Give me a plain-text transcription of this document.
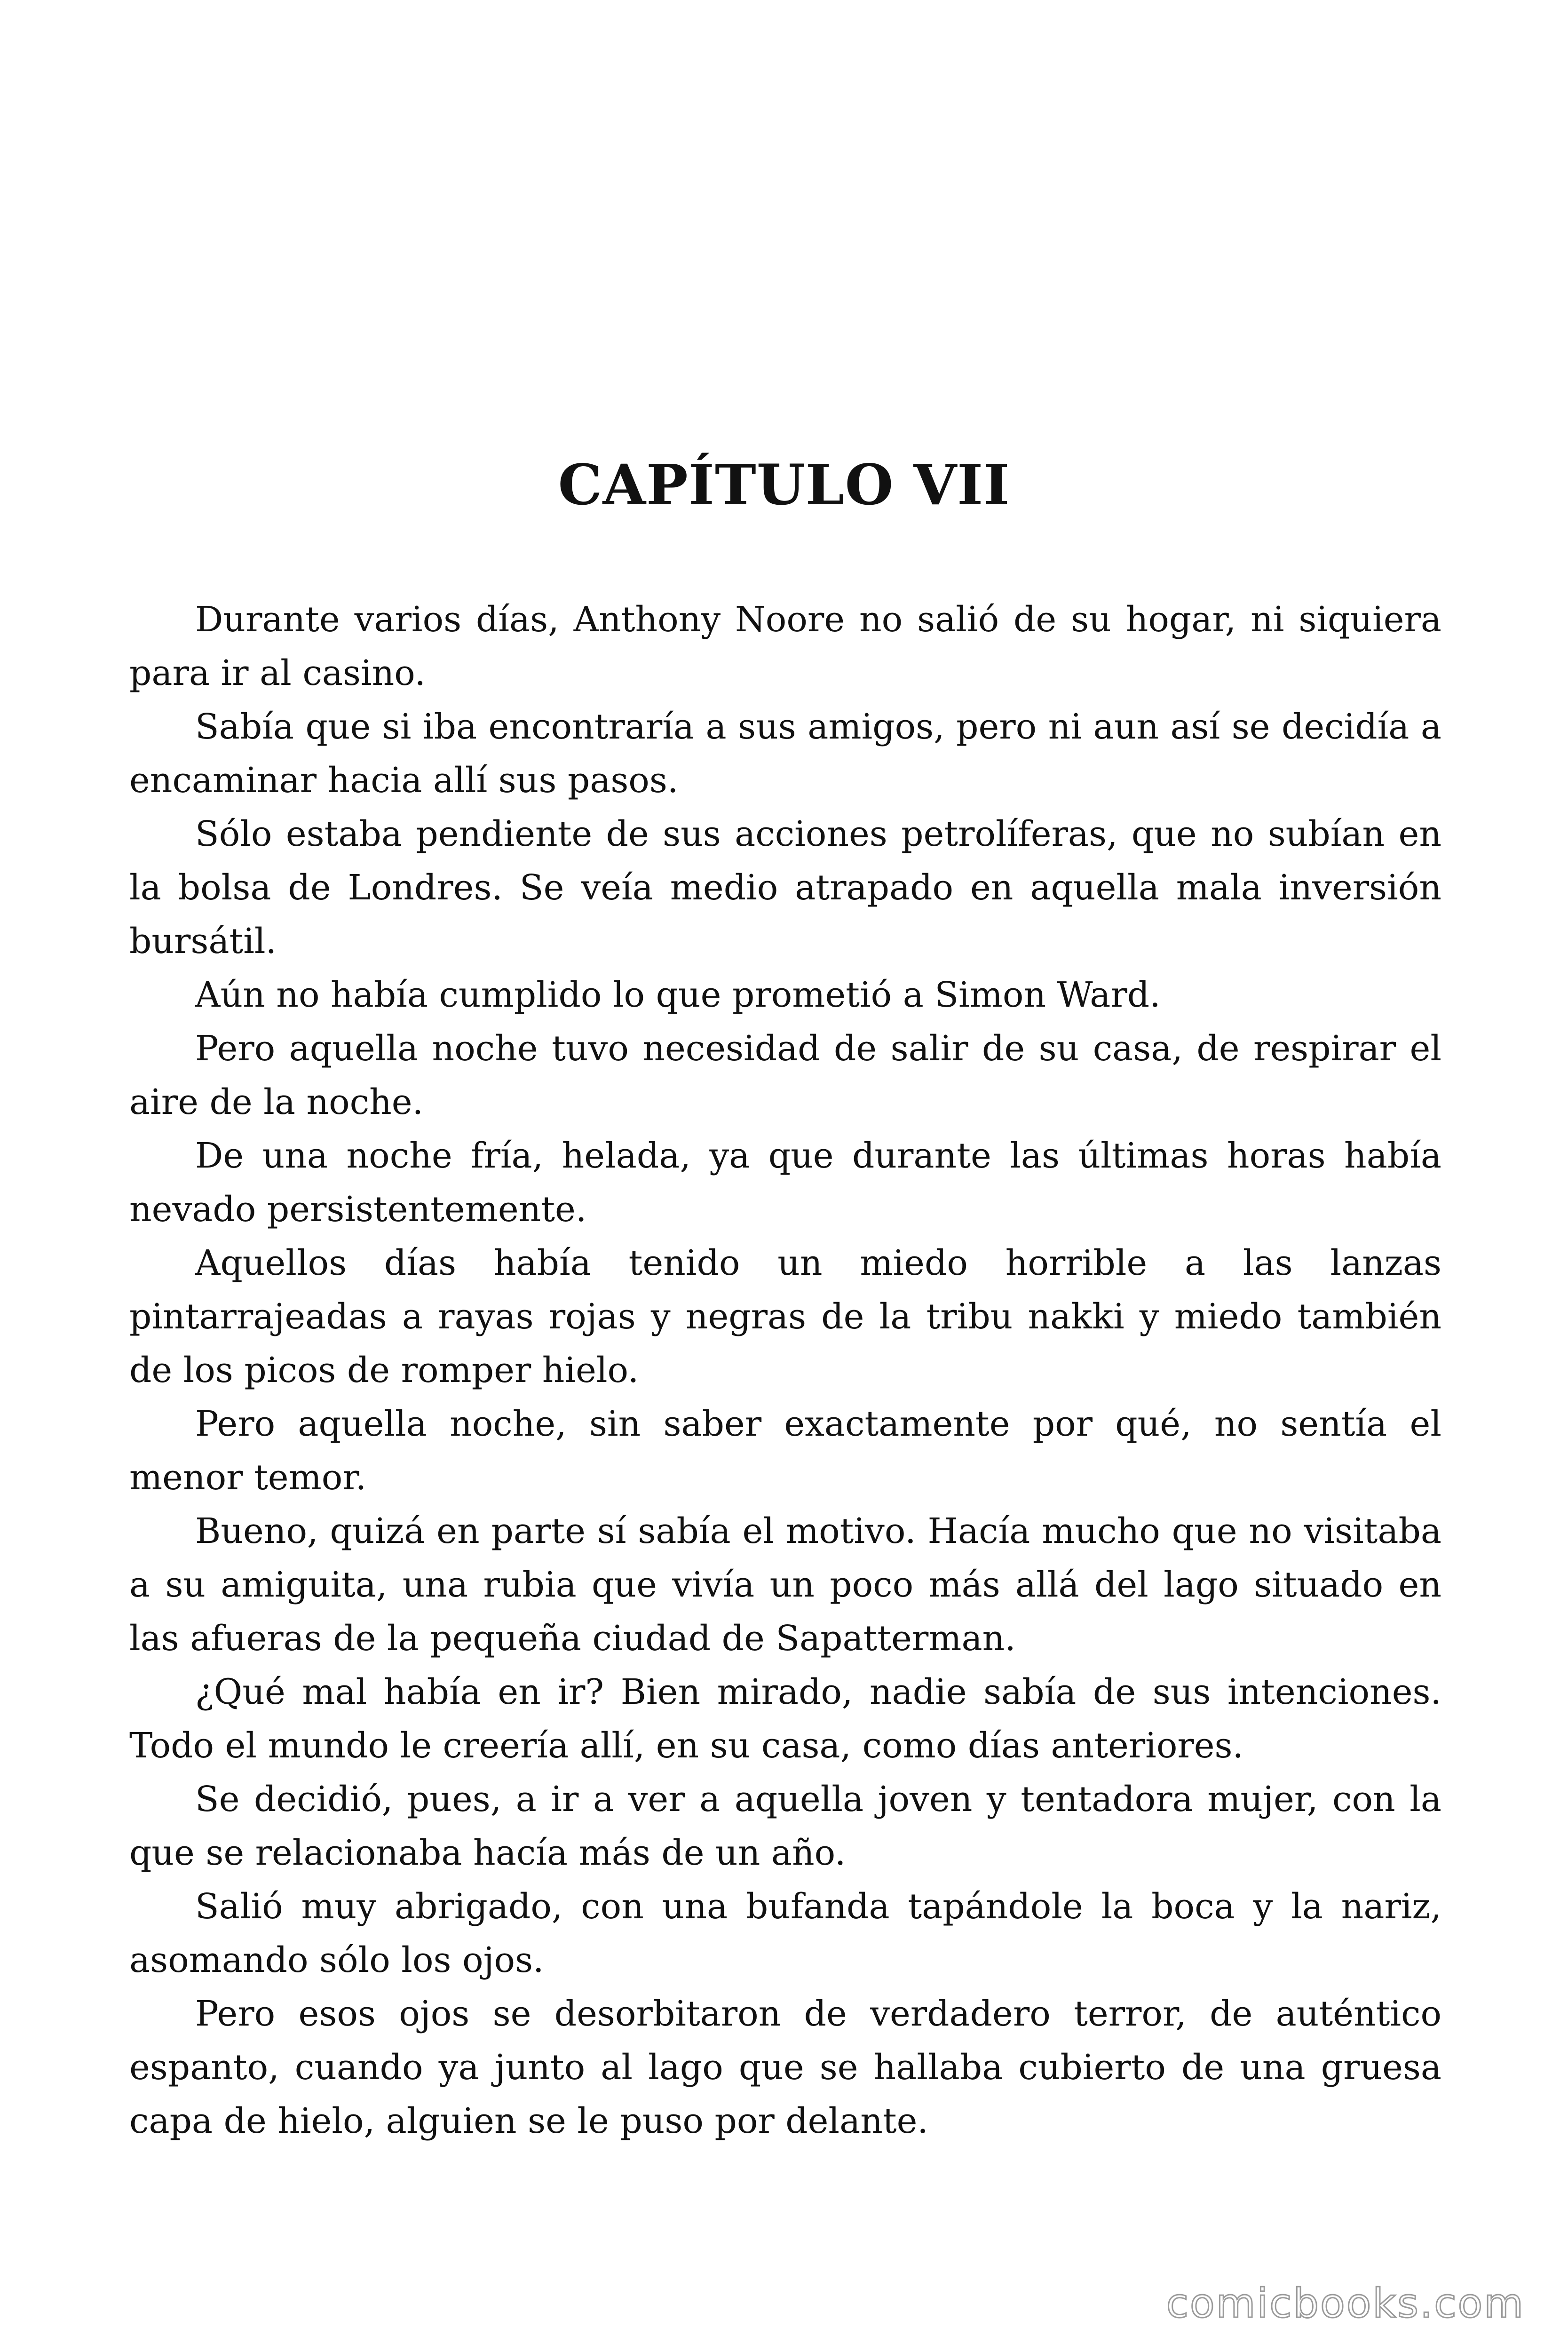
CAPÍTULO VII

Durante varios días, Anthony Noore no salió de su hogar, ni siquiera para ir al casino.

Sabía que si iba encontraría a sus amigos, pero ni aun así se decidía a encaminar hacia allí sus pasos.

Sólo estaba pendiente de sus acciones petrolíferas, que no subían en la bolsa de Londres. Se veía medio atrapado en aquella mala inversión bursátil.

Aún no había cumplido lo que prometió a Simon Ward.

Pero aquella noche tuvo necesidad de salir de su casa, de respirar el aire de la noche.

De una noche fría, helada, ya que durante las últimas horas había nevado persistentemente.

Aquellos días había tenido un miedo horrible a las lanzas pintarrajeadas a rayas rojas y negras de la tribu nakki y miedo también de los picos de romper hielo.

Pero aquella noche, sin saber exactamente por qué, no sentía el menor temor.

Bueno, quizá en parte sí sabía el motivo. Hacía mucho que no visitaba a su amiguita, una rubia que vivía un poco más allá del lago situado en las afueras de la pequeña ciudad de Sapatterman.

¿Qué mal había en ir? Bien mirado, nadie sabía de sus intenciones. Todo el mundo le creería allí, en su casa, como días anteriores.

Se decidió, pues, a ir a ver a aquella joven y tentadora mujer, con la que se relacionaba hacía más de un año.

Salió muy abrigado, con una bufanda tapándole la boca y la nariz, asomando sólo los ojos.

Pero esos ojos se desorbitaron de verdadero terror, de auténtico espanto, cuando ya junto al lago que se hallaba cubierto de una gruesa capa de hielo, alguien se le puso por delante.

comicbooks.com
